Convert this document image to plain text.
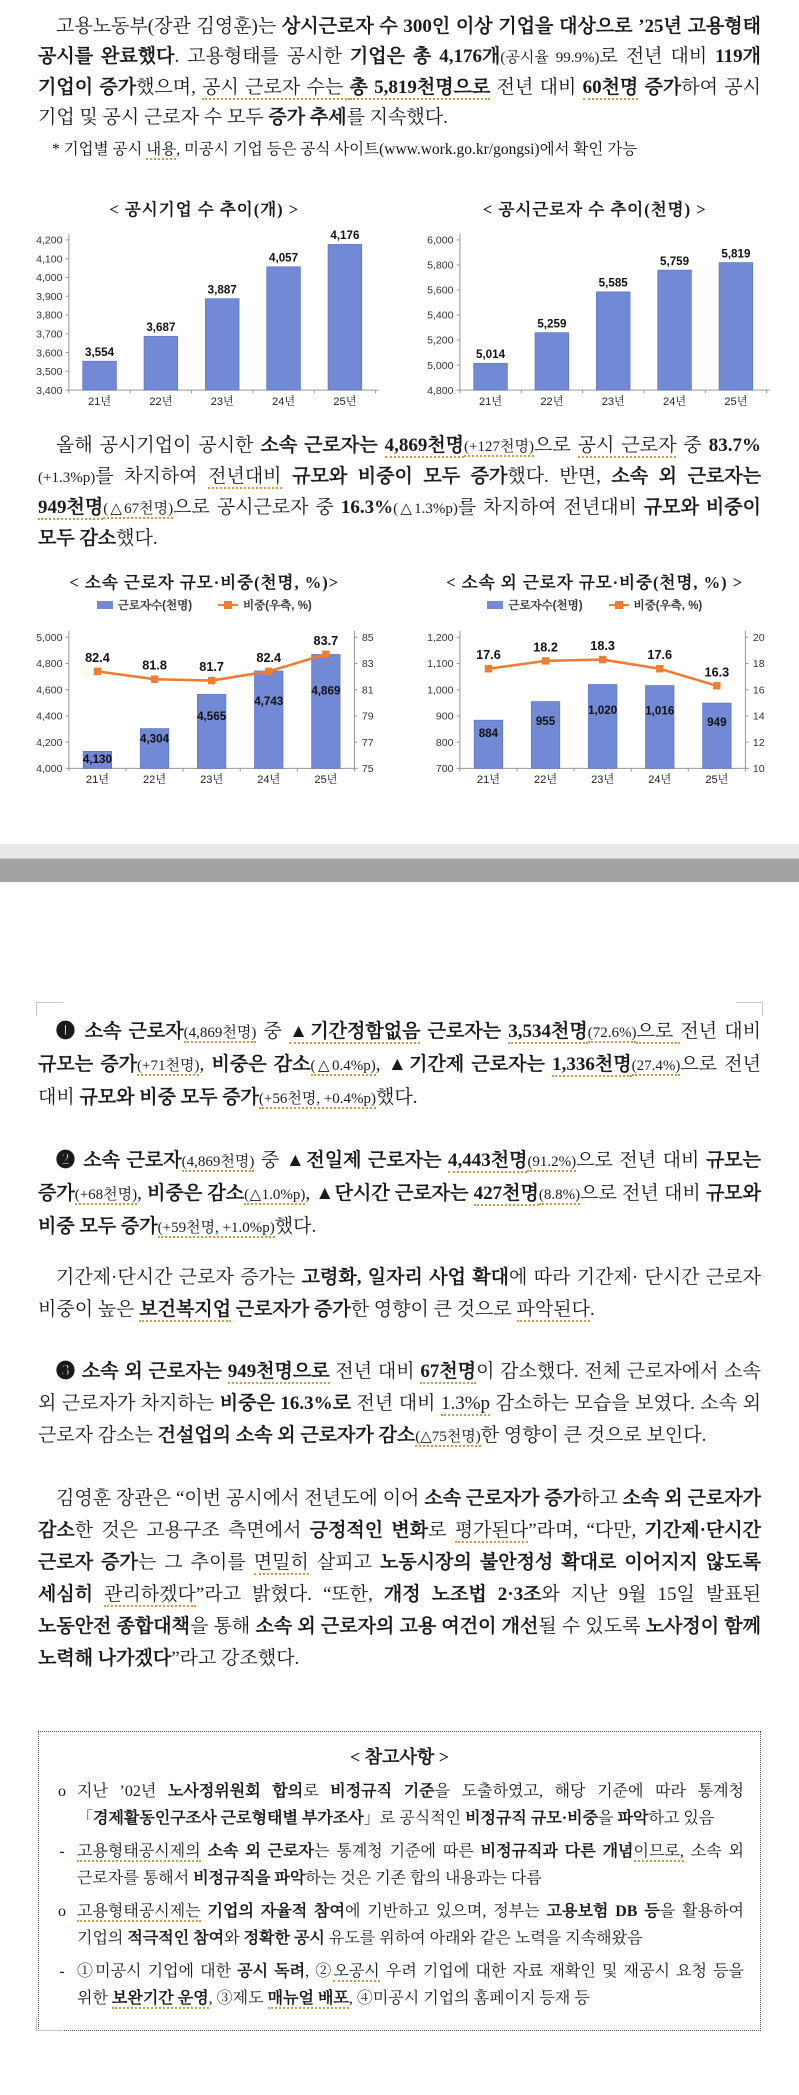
고용노동부(장관 김영훈)는 상시근로자 수 300인 이상 기업을 대상으로 ’25년 고용형태 공시를 완료했다. 고용형태를 공시한 기업은 총 4,176개(공시율 99.9%)로 전년 대비 119개 기업이 증가했으며, 공시 근로자 수는 총 5,819천명으로 전년 대비 60천명 증가하여 공시 기업 및 공시 근로자 수 모두 증가 추세를 지속했다.

* 기업별 공시 내용, 미공시 기업 등은 공식 사이트(www.work.go.kr/gongsi)에서 확인 가능
< 공시기업 수 추이(개) >
4,200
4,100
4,000
3,900
3,800
3,700
3,600
3,500
3,400
21년	22년	23년	24년	25년
3,554
3,687
3,887
4,057
4,176
< 공시근로자 수 추이(천명) >
6,000
5,800
5,600
5,400
5,200
5,000
4,800
21년	22년	23년	24년	25년
5,014
5,259
5,585
5,759
5,819

올해 공시기업이 공시한 소속 근로자는 4,869천명(+127천명)으로 공시 근로자 중 83.7%(+1.3%p)를 차지하여 전년대비 규모와 비중이 모두 증가했다. 반면, 소속 외 근로자는 949천명(△67천명)으로 공시근로자 중 16.3%(△1.3%p)를 차지하여 전년대비 규모와 비중이 모두 감소했다.

< 소속 근로자 규모·비중(천명, %)>
근로자수(천명)	비중(우측, %)
5,000
4,800
4,600
4,400
4,200
4,000
85
83
81
79
77
75
21년	22년	23년	24년	25년
4,130
4,304
4,565
4,743
4,869
82.4
81.8	81.7
82.4
83.7
< 소속 외 근로자 규모·비중(천명, %) >
근로자수(천명)	비중(우측, %)
1,200
1,100
1,000
900
800
700
20
18
16
14
12
10
21년	22년	23년	24년	25년
884
955
1,020	1,016
949
17.6
18.2	18.3
17.6
16.3

❶ 소속 근로자(4,869천명) 중 ▲기간정함없음 근로자는 3,534천명(72.6%)으로 전년 대비 규모는 증가(+71천명), 비중은 감소(△0.4%p), ▲기간제 근로자는 1,336천명(27.4%)으로 전년 대비 규모와 비중 모두 증가(+56천명, +0.4%p)했다.

❷ 소속 근로자(4,869천명) 중 ▲전일제 근로자는 4,443천명(91.2%)으로 전년 대비 규모는 증가(+68천명), 비중은 감소(△1.0%p), ▲단시간 근로자는 427천명(8.8%)으로 전년 대비 규모와 비중 모두 증가(+59천명, +1.0%p)했다.

기간제·단시간 근로자 증가는 고령화, 일자리 사업 확대에 따라 기간제· 단시간 근로자 비중이 높은 보건복지업 근로자가 증가한 영향이 큰 것으로 파악된다.

❸ 소속 외 근로자는 949천명으로 전년 대비 67천명이 감소했다. 전체 근로자에서 소속 외 근로자가 차지하는 비중은 16.3%로 전년 대비 1.3%p 감소하는 모습을 보였다. 소속 외 근로자 감소는 건설업의 소속 외 근로자가 감소(△75천명)한 영향이 큰 것으로 보인다.

김영훈 장관은 “이번 공시에서 전년도에 이어 소속 근로자가 증가하고 소속 외 근로자가 감소한 것은 고용구조 측면에서 긍정적인 변화로 평가된다”라며, “다만, 기간제·단시간 근로자 증가는 그 추이를 면밀히 살피고 노동시장의 불안정성 확대로 이어지지 않도록 세심히 관리하겠다”라고 밝혔다. “또한, 개정 노조법 2·3조와 지난 9월 15일 발표된 노동안전 종합대책을 통해 소속 외 근로자의 고용 여건이 개선될 수 있도록 노사정이 함께 노력해 나가겠다”라고 강조했다.

< 참고사항 >
o 지난 ’02년 노사정위원회 합의로 비정규직 기준을 도출하였고, 해당 기준에 따라 통계청 「경제활동인구조사 근로형태별 부가조사」로 공식적인 비정규직 규모·비중을 파악하고 있음
- 고용형태공시제의 소속 외 근로자는 통계청 기준에 따른 비정규직과 다른 개념이므로, 소속 외 근로자를 통해서 비정규직을 파악하는 것은 기존 합의 내용과는 다름
o 고용형태공시제는 기업의 자율적 참여에 기반하고 있으며, 정부는 고용보험 DB 등을 활용하여 기업의 적극적인 참여와 정확한 공시 유도를 위하여 아래와 같은 노력을 지속해왔음
- ①미공시 기업에 대한 공시 독려, ②오공시 우려 기업에 대한 자료 재확인 및 재공시 요청 등을 위한 보완기간 운영, ③제도 매뉴얼 배포, ④미공시 기업의 홈페이지 등재 등
